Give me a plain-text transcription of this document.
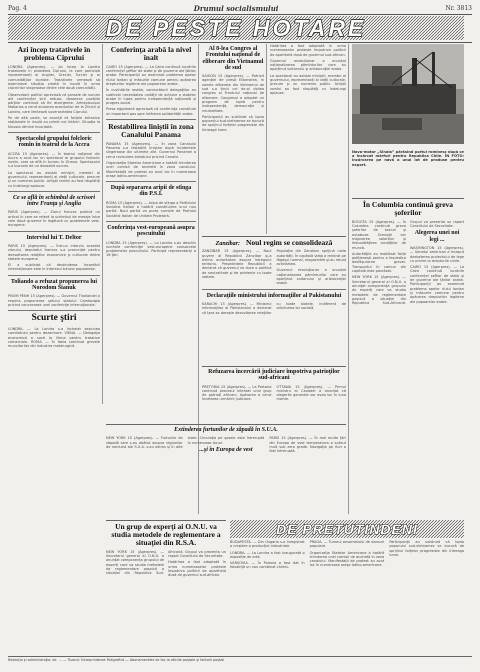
Pag. 4	Drumul socialismului	Nr. 3813
DE PESTE HOTARE
Azi încep tratativele în problema Ciprului

LONDRA (Agerpres). — Joi încep la Londra tratativele în problema Ciprului, la care participă reprezentanţi ai Angliei, Greciei, Turciei şi ai comunităţilor cipriote. Tratativele urmează să examineze situaţia creată în insulă în urma ciocnirilor sîngeroase dintre cele două comunităţi.

Observatorii politici apreciază că şansele de succes ale conferinţei sînt reduse, deoarece poziţiile părţilor continuă să fie divergente. Arhiepiscopul Makarios a cerut anularea acordurilor de la Zürich şi Londra, care limitează suveranitatea Ciprului.

Pe de altă parte, se anunţă că forţele britanice staţionate în insulă au primit noi întăriri. Situaţia la Nicosia rămîne încordată.

Spectacolul grupului folcloric romîn în teatrul de la Accra

ACCRA 15 (Agerpres). — În teatrul naţional din Accra a avut loc un spectacol al grupului folcloric romîn, care se află în turneu în Ghana. Spectacolul s-a bucurat de un deosebit succes.

La spectacol au asistat miniştri, membri ai guvernului, reprezentanţi ai vieţii culturale, precum şi un numeros public. Artiştii romîni au fost răsplătiţi cu îndelungi aplauze.

Ce se află în schimbul de scrisori între Franţa şi Anglia

PARIS (Agerpres). — Ziarul francez publică un articol în care se referă la schimbul de mesaje între cele două guverne în legătură cu problemele vest-europene.

Interviul lui T. Deltor

PARIS 15 (Agerpres). — Într-un interviu acordat ziarului, deputatul francez s-a pronunţat pentru dezvoltarea relaţiilor economice şi culturale dintre statele europene.

El a subliniat că destinderea încordării internaţionale este în interesul tuturor popoarelor.

Toliando a refuzat propunerea lui Norodom Sianuk

PNOM PENH 15 (Agerpres). — Guvernul Thailandei a respins propunerea şefului statului Cambodgia privind convocarea unei conferinţe internaţionale.

Scurte ştiri

LONDRA. — La Londra s-a încheiat sesiunea comitetului pentru dezarmare. VIENA. — Delegaţia economică a sosit la Viena pentru tratative comerciale. ROMA. — În Italia continuă grevele muncitorilor din industria metalurgică.

Conferinţa arabă la nivel înalt

CAIRO 15 (Agerpres). — La Cairo continuă lucrările conferinţei şefilor de state şi de guverne ale ţărilor arabe. Participanţii au examinat problema apelor rîului Iordan şi măsurile comune pentru apărarea drepturilor legitime ale popoarelor arabe.

În cuvîntările rostite, conducătorii delegaţiilor au subliniat necesitatea unităţii de acţiune a statelor arabe în lupta pentru independenţă naţională şi progres social.

Presa egipteană apreciază că conferinţa constituie un important pas spre întărirea solidarităţii arabe.

Restabilirea liniştii în zona Canalului Panama

PANAMA 15 (Agerpres). — În zona Canalului Panama s-a restabilit liniştea după incidentele sîngeroase din ultimele zile. Guvernul Panamei a cerut revizuirea tratatului privind Canalul.

Organizaţia Statelor Americane a hotărît trimiterea unei comisii de anchetă în zona canalului. Manifestaţii de protest au avut loc în numeroase oraşe latino-americane.

După separarea aripii de stînga din P.S.I.

ROMA 15 (Agerpres). — Aripa de stînga a Partidului Socialist Italian a hotărît constituirea unui nou partid. Noul partid va purta numele de Partidul Socialist Italian de Unitate Proletară.

Conferinţa vest-europeană asupra pescuitului

LONDRA 15 (Agerpres). — La Londra s-au deschis lucrările conferinţei vest-europene consacrate problemelor pescuitului. Participă reprezentanţi a 16 ţări.

Al 8-lea Congres al Frontului naţional de eliberare din Vietnamul de sud

SAIGON 15 (Agerpres). — Potrivit agenţiei de presă Eliberarea, în zonele eliberate din Vietnamul de sud s-a ţinut cel de-al doilea congres al Frontului naţional de eliberare. Congresul a adoptat un program de luptă pentru independenţă, democraţie şi neutralitate.

Participanţii au subliniat că lupta poporului sud-vietnamez se bucură de sprijinul forţelor progresiste din întreaga lume.

Hotărîrea a fost adoptată în urma numeroaselor proteste împotriva politicii de apartheid dusă de guvernul sud-african.

Guvernul revoluţionar a anunţat naţionalizarea pămînturilor care au aparţinut sultanului şi aristocraţiei arabe.

La spectacol au asistat miniştri, membri ai guvernului, reprezentanţi ai vieţii culturale, precum şi un numeros public. Artiştii romîni au fost răsplătiţi cu îndelungi aplauze.

Zanzibar: Noul regim se consolidează

ZANZIBAR 15 (Agerpres). — Noul guvern al Republicii Zanzibar şi-a extins autoritatea asupra întregului teritoriu. Preşedintele Republicii a declarat că guvernul va duce o politică de neutralitate şi de prietenie cu toate statele.

Populaţia din Zanzibar sprijină noile autorităţi. În capitală viaţa a reintrat pe făgaşul normal, magazinele şi-au reluat activitatea.

Guvernul revoluţionar a anunţat naţionalizarea pămînturilor care au aparţinut sultanului şi aristocraţiei arabe.

Declaraţiile ministrului informaţiilor al Pakistanului

KARACHI 15 (Agerpres). — Ministrul informaţiilor al Pakistanului a declarat că ţara sa doreşte dezvoltarea relaţiilor cu toate statele, indiferent de orînduirea lor socială.

Refuzarea încercării judiciare împotriva patrioţilor sud-africani

PRETORIA 15 (Agerpres). — La Pretoria continuă procesul intentat unui grup de patrioţi africani. Apărarea a cerut încetarea urmăririi judiciare.

OTTAWA 15 (Agerpres). — Primul ministru al Canadei a anunţat că alegerile generale vor avea loc în luna martie.

Extinderea furtunilor de zăpadă în S.U.A.

NEW YORK 15 (Agerpres). — Furtunile de zăpadă care s-au abătut asupra regiunilor de nord-est ale S.U.A. s-au extins şi în alte state. Circulaţia pe şosele este întreruptă în numeroase locuri.

...şi în Europa de vest

PARIS 15 (Agerpres). — În mai multe ţări din Europa de vest temperatura a scăzut mult sub zero grade. Navigaţia pe rîuri a fost întreruptă.

Nava-motor „Sinaia” părăsind portul romînesc după ce a încărcat mărfuri pentru Republica Chile. ÎN FOTO: încărcarea pe navă a unui lot de produse pentru export.
În Columbia continuă greva şoferilor

BOGOTA 15 (Agerpres). — În Columbia continuă greva şoferilor de taxiuri şi autobuze. Greviştii cer majorarea salariilor şi îmbunătăţirea condiţiilor de muncă.

Autorităţile au mobilizat forţe poliţieneşti pentru a împiedica desfăşurarea grevei. Transportul în comun din capitală este paralizat.

NEW YORK 15 (Agerpres). — Secretarul general al O.N.U. a anunţat componenţa grupului de experţi care va studia metodele de reglementare paşnică a situaţiei din Republica Sud-Africană. Grupul va prezenta un raport Consiliului de Securitate.

Alegerea unei noi legi ...

WASHINGTON 15 (Agerpres). — Senatul american a început dezbaterea proiectului de lege cu privire la drepturile civile.

CAIRO 15 (Agerpres). — La Cairo continuă lucrările conferinţei şefilor de state şi de guverne ale ţărilor arabe. Participanţii au examinat problema apelor rîului Iordan şi măsurile comune pentru apărarea drepturilor legitime ale popoarelor arabe.

DE PRETUTINDENI

BUDAPESTA. — Din Ungaria s-a înregistrat o creştere a producţiei industriale.

LONDRA. — La Londra a fost inaugurată o expoziţie de artă.

VARŞOVIA. — În Polonia a fost dat în folosinţă un nou combinat chimic.

PRAGA. — Turneul ansamblului de dansuri populare.

Organizaţia Statelor Americane a hotărît trimiterea unei comisii de anchetă în zona canalului. Manifestaţii de protest au avut loc în numeroase oraşe latino-americane.

Participanţii au subliniat că lupta poporului sud-vietnamez se bucură de sprijinul forţelor progresiste din întreaga lume.

Un grup de experţi ai O.N.U. va studia metodele de reglementare a situaţiei din R.S.A.

NEW YORK 15 (Agerpres). — Secretarul general al O.N.U. a anunţat componenţa grupului de experţi care va studia metodele de reglementare paşnică a situaţiei din Republica Sud-Africană. Grupul va prezenta un raport Consiliului de Securitate.

Hotărîrea a fost adoptată în urma numeroaselor proteste împotriva politicii de apartheid dusă de guvernul sud-african.

Redacţia şi administraţia: str. ... — Tiparul: Întreprinderea Poligrafică — Abonamentele se fac la oficiile poştale şi factorii poştali
